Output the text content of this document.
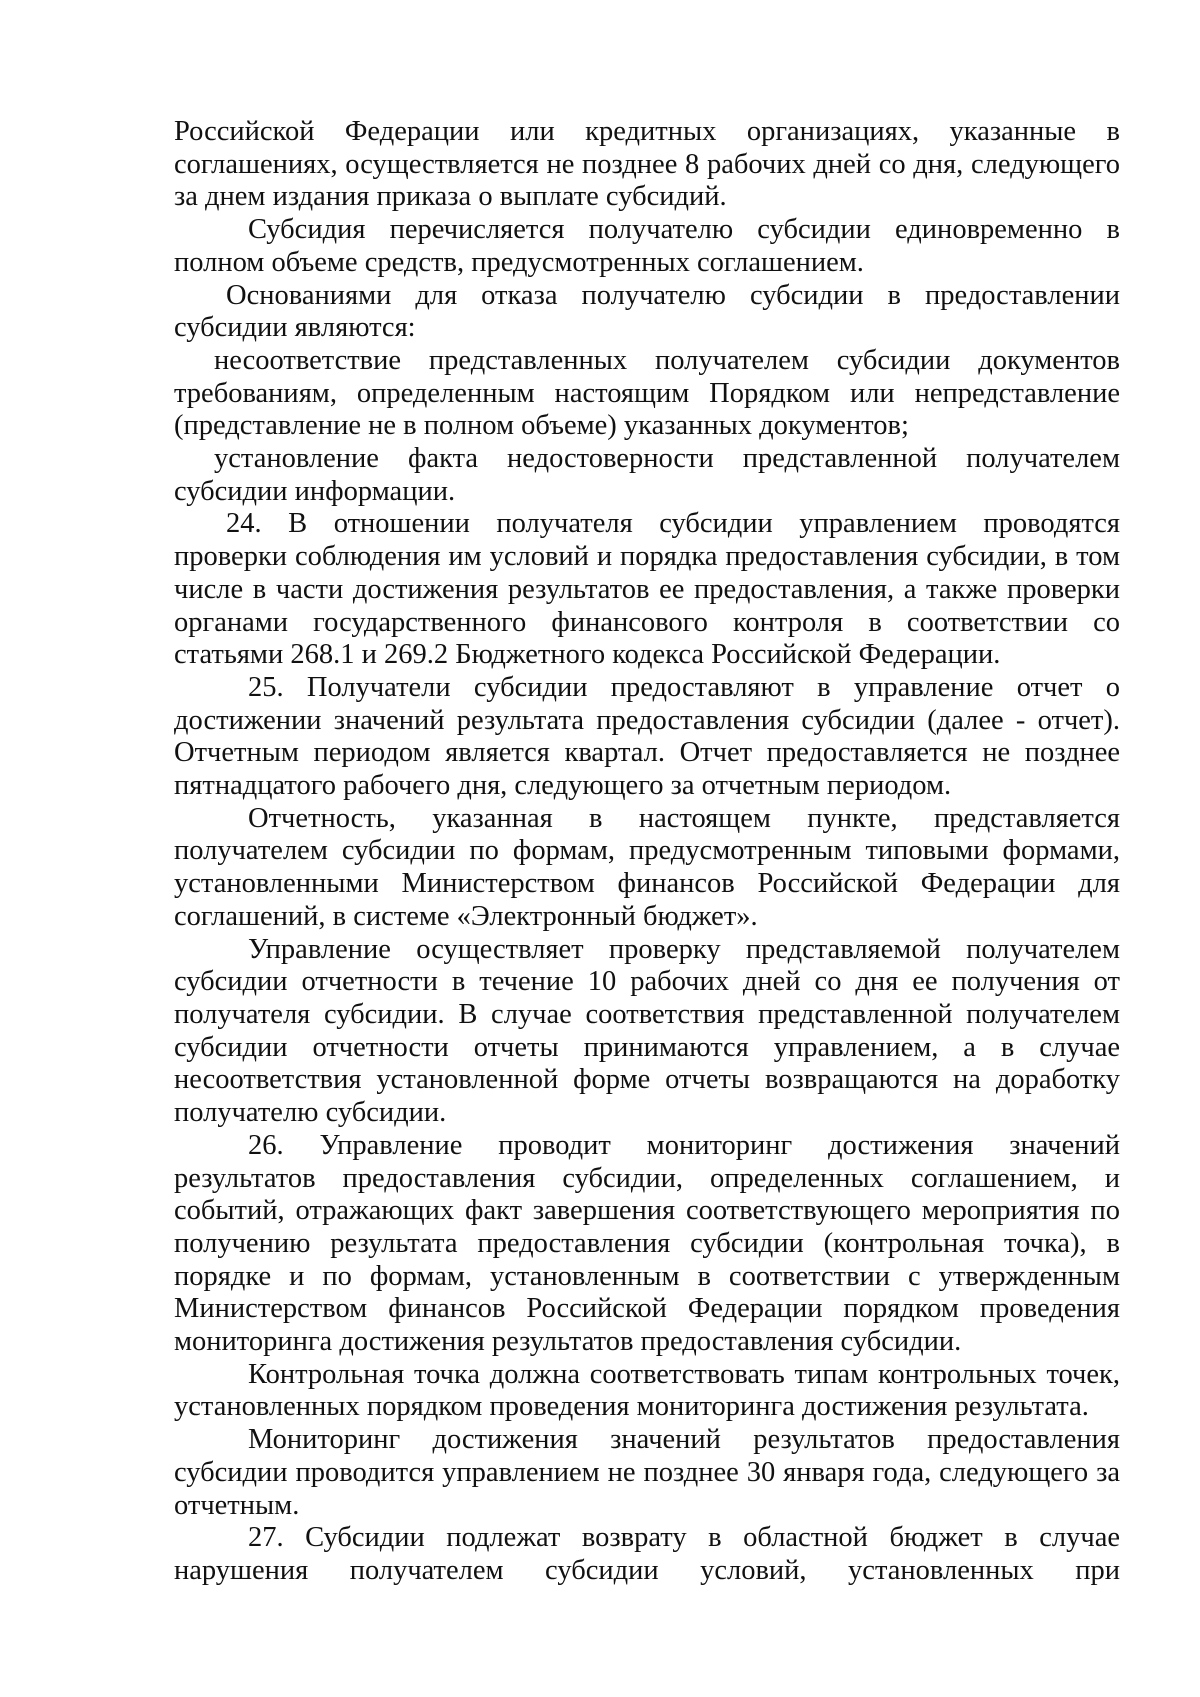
Российской Федерации или кредитных организациях, указанные в соглашениях, осуществляется не позднее 8 рабочих дней со дня, следующего за днем издания приказа о выплате субсидий.

Субсидия перечисляется получателю субсидии единовременно в полном объеме средств, предусмотренных соглашением.

Основаниями для отказа получателю субсидии в предоставлении субсидии являются:

несоответствие представленных получателем субсидии документов требованиям, определенным настоящим Порядком или непредставление (представление не в полном объеме) указанных документов;

установление факта недостоверности представленной получателем субсидии информации.

24. В отношении получателя субсидии управлением проводятся проверки соблюдения им условий и порядка предоставления субсидии, в том числе в части достижения результатов ее предоставления, а также проверки органами государственного финансового контроля в соответствии со статьями 268.1 и 269.2 Бюджетного кодекса Российской Федерации.

25. Получатели субсидии предоставляют в управление отчет о достижении значений результата предоставления субсидии (далее - отчет). Отчетным периодом является квартал. Отчет предоставляется не позднее пятнадцатого рабочего дня, следующего за отчетным периодом.

Отчетность, указанная в настоящем пункте, представляется получателем субсидии по формам, предусмотренным типовыми формами, установленными Министерством финансов Российской Федерации для соглашений, в системе «Электронный бюджет».

Управление осуществляет проверку представляемой получателем субсидии отчетности в течение 10 рабочих дней со дня ее получения от получателя субсидии. В случае соответствия представленной получателем субсидии отчетности отчеты принимаются управлением, а в случае несоответствия установленной форме отчеты возвращаются на доработку получателю субсидии.

26. Управление проводит мониторинг достижения значений результатов предоставления субсидии, определенных соглашением, и событий, отражающих факт завершения соответствующего мероприятия по получению результата предоставления субсидии (контрольная точка), в порядке и по формам, установленным в соответствии с утвержденным Министерством финансов Российской Федерации порядком проведения мониторинга достижения результатов предоставления субсидии.

Контрольная точка должна соответствовать типам контрольных точек, установленных порядком проведения мониторинга достижения результата.

Мониторинг достижения значений результатов предоставления субсидии проводится управлением не позднее 30 января года, следующего за отчетным.

27. Субсидии подлежат возврату в областной бюджет в случае нарушения получателем субсидии условий, установленных при
